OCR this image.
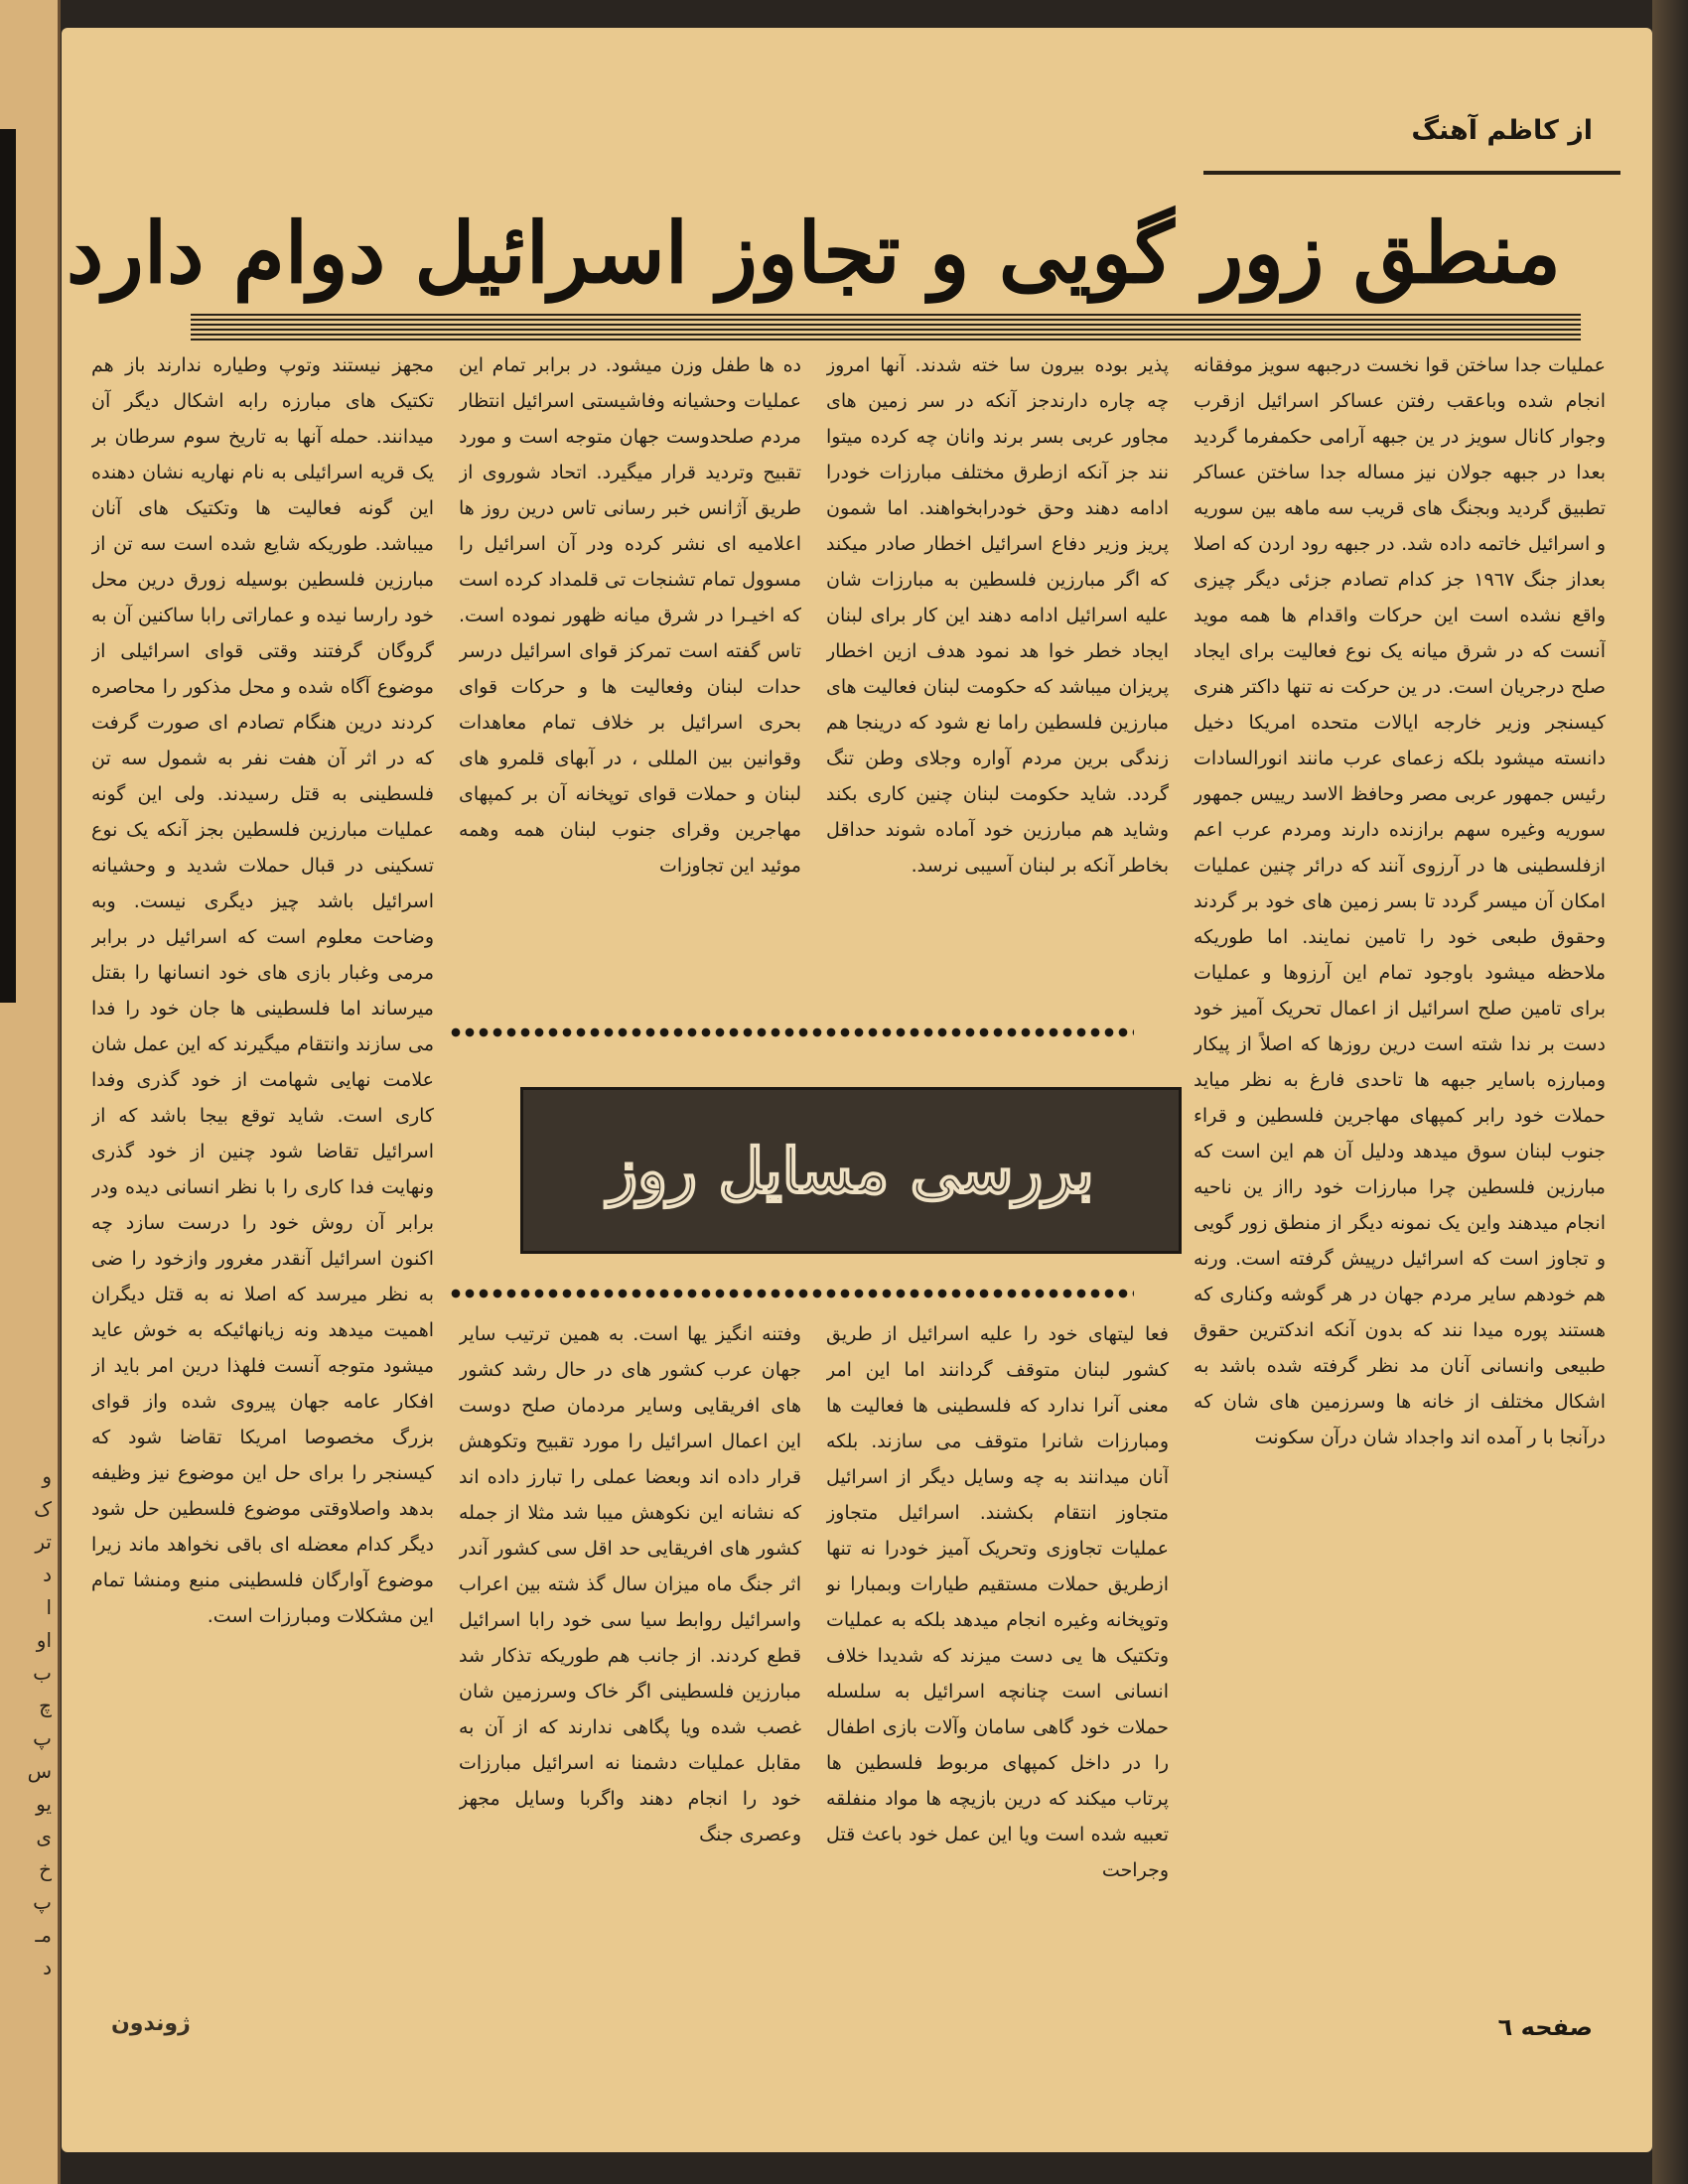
و
ک
تر
د
ا
او
ب
چ
پ
س
یو
ی
خ
پ
مـ
د
از کاظم آهنگ
منطق زور گویی و تجاوز اسرائیل دوام دارد
عملیات جدا ساختن قوا نخست درجبهه سویز موفقانه انجام شده وباعقب رفتن عساکر اسرائیل ازقرب وجوار کانال سویز در ین جبهه آرامی حکمفرما گردید بعدا در جبهه جولان نیز مساله جدا ساختن عساکر تطبیق گردید وبجنگ های قریب سه ماهه بین سوریه و اسرائیل خاتمه داده شد. در جبهه رود اردن که اصلا بعداز جنگ ١٩٦٧ جز کدام تصادم جزئی دیگر چیزی واقع نشده است این حرکات واقدام ها همه موید آنست که در شرق میانه یک نوع فعالیت برای ایجاد صلح درجریان است. در ین حرکت نه تنها داکتر هنری کیسنجر وزیر خارجه ایالات متحده امریکا دخیل دانسته میشود بلکه زعمای عرب مانند انورالسادات رئیس جمهور عربی مصر وحافظ الاسد رییس جمهور سوریه وغیره سهم برازنده دارند ومردم عرب اعم ازفلسطینی ها در آرزوی آنند که درائر چنین عملیات امکان آن میسر گردد تا بسر زمین های خود بر گردند وحقوق طبعی خود را تامین نمایند. اما طوریکه ملاحظه میشود باوجود تمام این آرزوها و عملیات برای تامین صلح اسرائیل از اعمال تحریک آمیز خود دست بر ندا شته است درین روزها که اصلاً از پیکار ومبارزه باسایر جبهه ها تاحدی فارغ به نظر میاید حملات خود رابر کمپهای مهاجرین فلسطین و قراء جنوب لبنان سوق میدهد ودلیل آن هم این است که مبارزین فلسطین چرا مبارزات خود رااز ین ناحیه انجام میدهند واین یک نمونه دیگر از منطق زور گویی و تجاوز است که اسرائیل درپیش گرفته است. ورنه هم خودهم سایر مردم جهان در هر گوشه وکناری که هستند پوره میدا نند که بدون آنکه اندکترین حقوق طبیعی وانسانی آنان مد نظر گرفته شده باشد به اشکال مختلف از خانه ها وسرزمین های شان که درآنجا با ر آمده اند واجداد شان درآن سکونت
پذیر بوده بیرون سا خته شدند. آنها امروز چه چاره دارندجز آنکه در سر زمین های مجاور عربی بسر برند وانان چه کرده میتوا نند جز آنکه ازطرق مختلف مبارزات خودرا ادامه دهند وحق خودرابخواهند. اما شمون پریز وزیر دفاع اسرائیل اخطار صادر میکند که اگر مبارزین فلسطین به مبارزات شان علیه اسرائیل ادامه دهند این کار برای لبنان ایجاد خطر خوا هد نمود هدف ازین اخطار پریزان میباشد که حکومت لبنان فعالیت های مبارزین فلسطین راما نع شود که درینجا هم زندگی برین مردم آواره وجلای وطن تنگ گردد. شاید حکومت لبنان چنین کاری بکند وشاید هم مبارزین خود آماده شوند حداقل بخاطر آنکه بر لبنان آسیبی نرسد.
ده ها طفل وزن میشود. در برابر تمام این عملیات وحشیانه وفاشیستی اسرائیل انتظار مردم صلحدوست جهان متوجه است و مورد تقبیح وتردید قرار میگیرد. اتحاد شوروی از طریق آژانس خبر رسانی تاس درین روز ها اعلامیه ای نشر کرده ودر آن اسرائیل را مسوول تمام تشنجات تی قلمداد کرده است که اخیـرا در شرق میانه ظهور نموده است. تاس گفته است تمرکز قوای اسرائیل درسر حدات لبنان وفعالیت ها و حرکات قوای بحری اسرائیل بر خلاف تمام معاهدات وقوانین بین المللی ، در آبهای قلمرو های لبنان و حملات قوای توپخانه آن بر کمپهای مهاجرین وقرای جنوب لبنان همه وهمه موئید این تجاوزات
بررسی مسایل روز
فعا لیتهای خود را علیه اسرائیل از طریق کشور لبنان متوقف گردانند اما این امر معنی آنرا ندارد که فلسطینی ها فعالیت ها ومبارزات شانرا متوقف می سازند. بلکه آنان میدانند به چه وسایل دیگر از اسرائیل متجاوز انتقام بکشند. اسرائیل متجاوز عملیات تجاوزی وتحریک آمیز خودرا نه تنها ازطریق حملات مستقیم طیارات وبمبارا نو وتوپخانه وغیره انجام میدهد بلکه به عملیات وتکتیک ها یی دست میزند که شدیدا خلاف انسانی است چنانچه اسرائیل به سلسله حملات خود گاهی سامان وآلات بازی اطفال را در داخل کمپهای مربوط فلسطین ها پرتاب میکند که درین بازیچه ها مواد منفلقه تعبیه شده است ویا این عمل خود باعث قتل وجراحت
وفتنه انگیز یها است. به همین ترتیب سایر جهان عرب کشور های در حال رشد کشور های افریقایی وسایر مردمان صلح دوست این اعمال اسرائیل را مورد تقبیح وتکوهش قرار داده اند وبعضا عملی را تبارز داده اند که نشانه این نکوهش میبا شد مثلا از جمله کشور های افریقایی حد اقل سی کشور آندر اثر جنگ ماه میزان سال گذ شته بین اعراب واسرائیل روابط سیا سی خود رابا اسرائیل قطع کردند. از جانب هم طوریکه تذکار شد مبارزین فلسطینی اگر خاک وسرزمین شان غصب شده ویا پگاهی ندارند که از آن به مقابل عملیات دشمنا نه اسرائیل مبارزات خود را انجام دهند واگربا وسایل مجهز وعصری جنگ
مجهز نیستند وتوپ وطیاره ندارند باز هم تکتیک های مبارزه رابه اشکال دیگر آن میدانند. حمله آنها به تاریخ سوم سرطان بر یک قریه اسرائیلی به نام نهاریه نشان دهنده این گونه فعالیت ها وتکتیک های آنان میباشد. طوریکه شایع شده است سه تن از مبارزین فلسطین بوسیله زورق درین محل خود رارسا نیده و عماراتی رابا ساکنین آن به گروگان گرفتند وقتی قوای اسرائیلی از موضوع آگاه شده و محل مذکور را محاصره کردند درین هنگام تصادم ای صورت گرفت که در اثر آن هفت نفر به شمول سه تن فلسطینی به قتل رسیدند. ولی این گونه عملیات مبارزین فلسطین بجز آنکه یک نوع تسکینی در قبال حملات شدید و وحشیانه اسرائیل باشد چیز دیگری نیست. وبه وضاحت معلوم است که اسرائیل در برابر مرمی وغبار بازی های خود انسانها را بقتل میرساند اما فلسطینی ها جان خود را فدا می سازند وانتقام میگیرند که این عمل شان علامت نهایی شهامت از خود گذری وفدا کاری است. شاید توقع بیجا باشد که از اسرائیل تقاضا شود چنین از خود گذری ونهایت فدا کاری را با نظر انسانی دیده ودر برابر آن روش خود را درست سازد چه اکنون اسرائیل آنقدر مغرور وازخود را ضی به نظر میرسد که اصلا نه به قتل دیگران اهمیت میدهد ونه زیانهائیکه به خوش عاید میشود متوجه آنست فلهذا درین امر باید از افکار عامه جهان پیروی شده واز قوای بزرگ مخصوصا امریکا تقاضا شود که کیسنجر را برای حل این موضوع نیز وظیفه بدهد واصلاوقتی موضوع فلسطین حل شود دیگر کدام معضله ای باقی نخواهد ماند زیرا موضوع آوارگان فلسطینی منبع ومنشا تمام این مشکلات ومبارزات است.
صفحه ٦
ژوندون
